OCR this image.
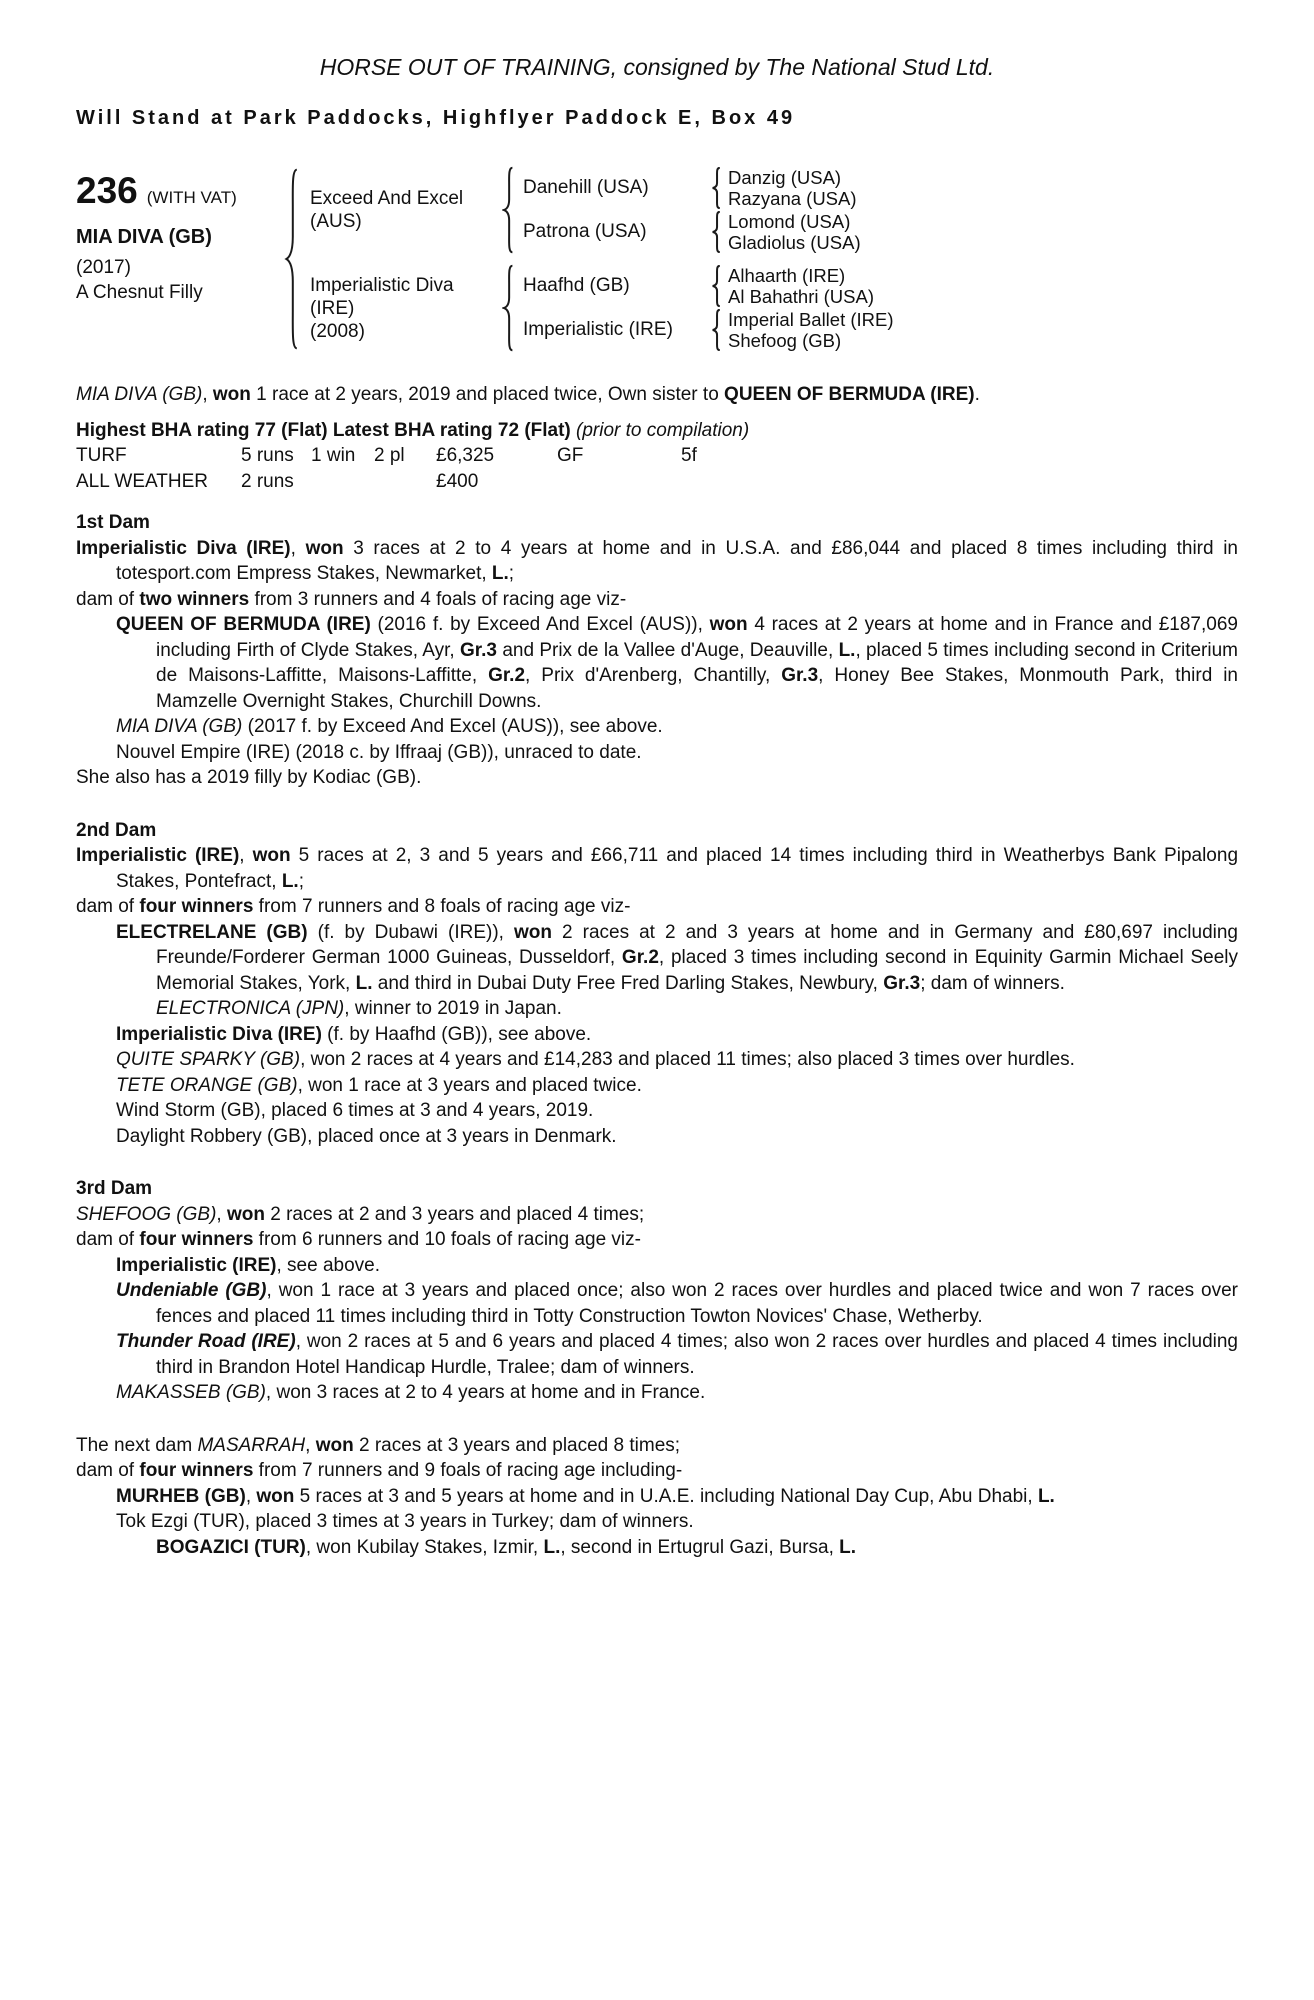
HORSE OUT OF TRAINING, consigned by The National Stud Ltd.
Will Stand at Park Paddocks, Highflyer Paddock E, Box 49
236 (WITH VAT)
MIA DIVA (GB)
(2017)
A Chesnut Filly
Exceed And Excel
(AUS)
Danehill (USA)	Danzig (USA)
Razyana (USA)
Patrona (USA)	Lomond (USA)
Gladiolus (USA)
Imperialistic Diva
(IRE)
(2008)
Haafhd (GB)	Alhaarth (IRE)
Al Bahathri (USA)
Imperialistic (IRE)	Imperial Ballet (IRE)
Shefoog (GB)
MIA DIVA (GB), won 1 race at 2 years, 2019 and placed twice, Own sister to QUEEN OF BERMUDA (IRE).
Highest BHA rating 77 (Flat) Latest BHA rating 72 (Flat) (prior to compilation)
TURF	5 runs 1 win 2 pl	£6,325	GF	5f
ALL WEATHER	2 runs	£400
1st Dam
Imperialistic Diva (IRE), won 3 races at 2 to 4 years at home and in U.S.A. and £86,044 and placed 8 times including third in totesport.com Empress Stakes, Newmarket, L.;
dam of two winners from 3 runners and 4 foals of racing age viz-
QUEEN OF BERMUDA (IRE) (2016 f. by Exceed And Excel (AUS)), won 4 races at 2 years at home and in France and £187,069 including Firth of Clyde Stakes, Ayr, Gr.3 and Prix de la Vallee d'Auge, Deauville, L., placed 5 times including second in Criterium de Maisons-Laffitte, Maisons-Laffitte, Gr.2, Prix d'Arenberg, Chantilly, Gr.3, Honey Bee Stakes, Monmouth Park, third in Mamzelle Overnight Stakes, Churchill Downs.
MIA DIVA (GB) (2017 f. by Exceed And Excel (AUS)), see above.
Nouvel Empire (IRE) (2018 c. by Iffraaj (GB)), unraced to date.
She also has a 2019 filly by Kodiac (GB).
2nd Dam
Imperialistic (IRE), won 5 races at 2, 3 and 5 years and £66,711 and placed 14 times including third in Weatherbys Bank Pipalong Stakes, Pontefract, L.;
dam of four winners from 7 runners and 8 foals of racing age viz-
ELECTRELANE (GB) (f. by Dubawi (IRE)), won 2 races at 2 and 3 years at home and in Germany and £80,697 including Freunde/Forderer German 1000 Guineas, Dusseldorf, Gr.2, placed 3 times including second in Equinity Garmin Michael Seely Memorial Stakes, York, L. and third in Dubai Duty Free Fred Darling Stakes, Newbury, Gr.3; dam of winners.
ELECTRONICA (JPN), winner to 2019 in Japan.
Imperialistic Diva (IRE) (f. by Haafhd (GB)), see above.
QUITE SPARKY (GB), won 2 races at 4 years and £14,283 and placed 11 times; also placed 3 times over hurdles.
TETE ORANGE (GB), won 1 race at 3 years and placed twice.
Wind Storm (GB), placed 6 times at 3 and 4 years, 2019.
Daylight Robbery (GB), placed once at 3 years in Denmark.
3rd Dam
SHEFOOG (GB), won 2 races at 2 and 3 years and placed 4 times;
dam of four winners from 6 runners and 10 foals of racing age viz-
Imperialistic (IRE), see above.
Undeniable (GB), won 1 race at 3 years and placed once; also won 2 races over hurdles and placed twice and won 7 races over fences and placed 11 times including third in Totty Construction Towton Novices' Chase, Wetherby.
Thunder Road (IRE), won 2 races at 5 and 6 years and placed 4 times; also won 2 races over hurdles and placed 4 times including third in Brandon Hotel Handicap Hurdle, Tralee; dam of winners.
MAKASSEB (GB), won 3 races at 2 to 4 years at home and in France.
The next dam MASARRAH, won 2 races at 3 years and placed 8 times;
dam of four winners from 7 runners and 9 foals of racing age including-
MURHEB (GB), won 5 races at 3 and 5 years at home and in U.A.E. including National Day Cup, Abu Dhabi, L.
Tok Ezgi (TUR), placed 3 times at 3 years in Turkey; dam of winners.
BOGAZICI (TUR), won Kubilay Stakes, Izmir, L., second in Ertugrul Gazi, Bursa, L.
